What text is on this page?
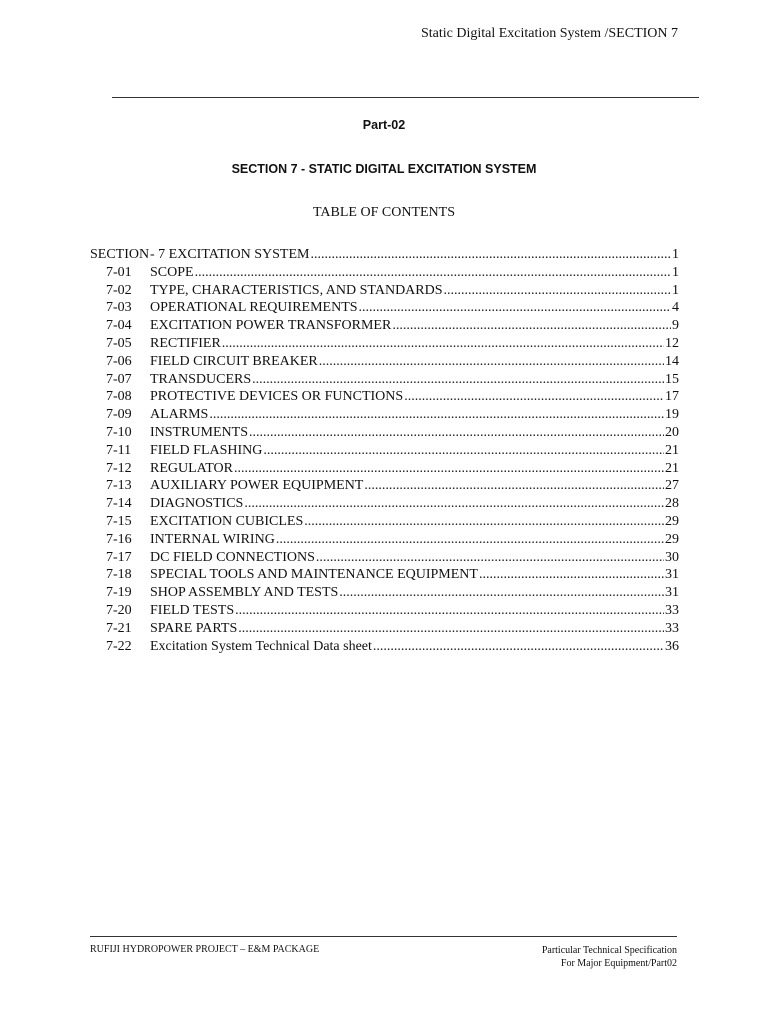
Static Digital Excitation System /SECTION 7
Part-02
SECTION 7 - STATIC DIGITAL EXCITATION SYSTEM
TABLE OF CONTENTS
SECTION - 7 EXCITATION SYSTEM .....	1
7-01	SCOPE .....	1
7-02	TYPE, CHARACTERISTICS, AND STANDARDS .....	1
7-03	OPERATIONAL REQUIREMENTS .....	4
7-04	EXCITATION POWER TRANSFORMER .....	9
7-05	RECTIFIER .....	12
7-06	FIELD CIRCUIT BREAKER .....	14
7-07	TRANSDUCERS .....	15
7-08	PROTECTIVE DEVICES OR FUNCTIONS .....	17
7-09	ALARMS .....	19
7-10	INSTRUMENTS .....	20
7-11	FIELD FLASHING .....	21
7-12	REGULATOR .....	21
7-13	AUXILIARY POWER EQUIPMENT .....	27
7-14	DIAGNOSTICS .....	28
7-15	EXCITATION CUBICLES .....	29
7-16	INTERNAL WIRING .....	29
7-17	DC FIELD CONNECTIONS .....	30
7-18	SPECIAL TOOLS AND MAINTENANCE EQUIPMENT .....	31
7-19	SHOP ASSEMBLY AND TESTS .....	31
7-20	FIELD TESTS .....	33
7-21	SPARE PARTS .....	33
7-22	Excitation System Technical Data sheet .....	36
RUFIJI HYDROPOWER PROJECT – E&M PACKAGE	Particular Technical Specification
For Major Equipment/Part02
